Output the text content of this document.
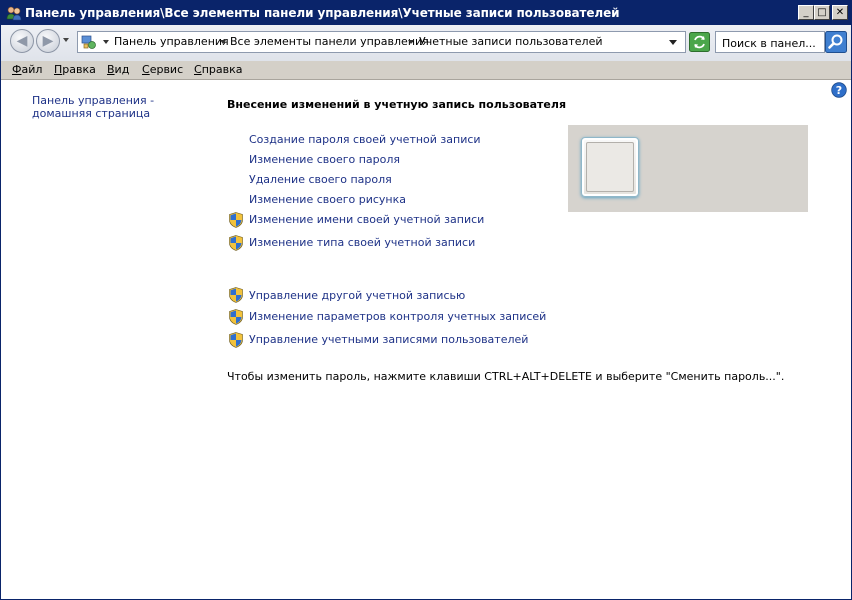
Панель управления\Все элементы панели управления\Учетные записи пользователей	_ □ ✕
◀	▶	Панель управления Все элементы панели управления
Учетные записи пользователей
Поиск в панел...
Файл Правка Вид Сервис Справка
?
Панель управления - домашняя страница
Внесение изменений в учетную запись пользователя
Создание пароля своей учетной записи
Изменение своего пароля
Удаление своего пароля
Изменение своего рисунка
Изменение имени своей учетной записи
Изменение типа своей учетной записи
Управление другой учетной записью
Изменение параметров контроля учетных записей
Управление учетными записями пользователей
Чтобы изменить пароль, нажмите клавиши CTRL+ALT+DELETE и выберите "Сменить пароль...".
